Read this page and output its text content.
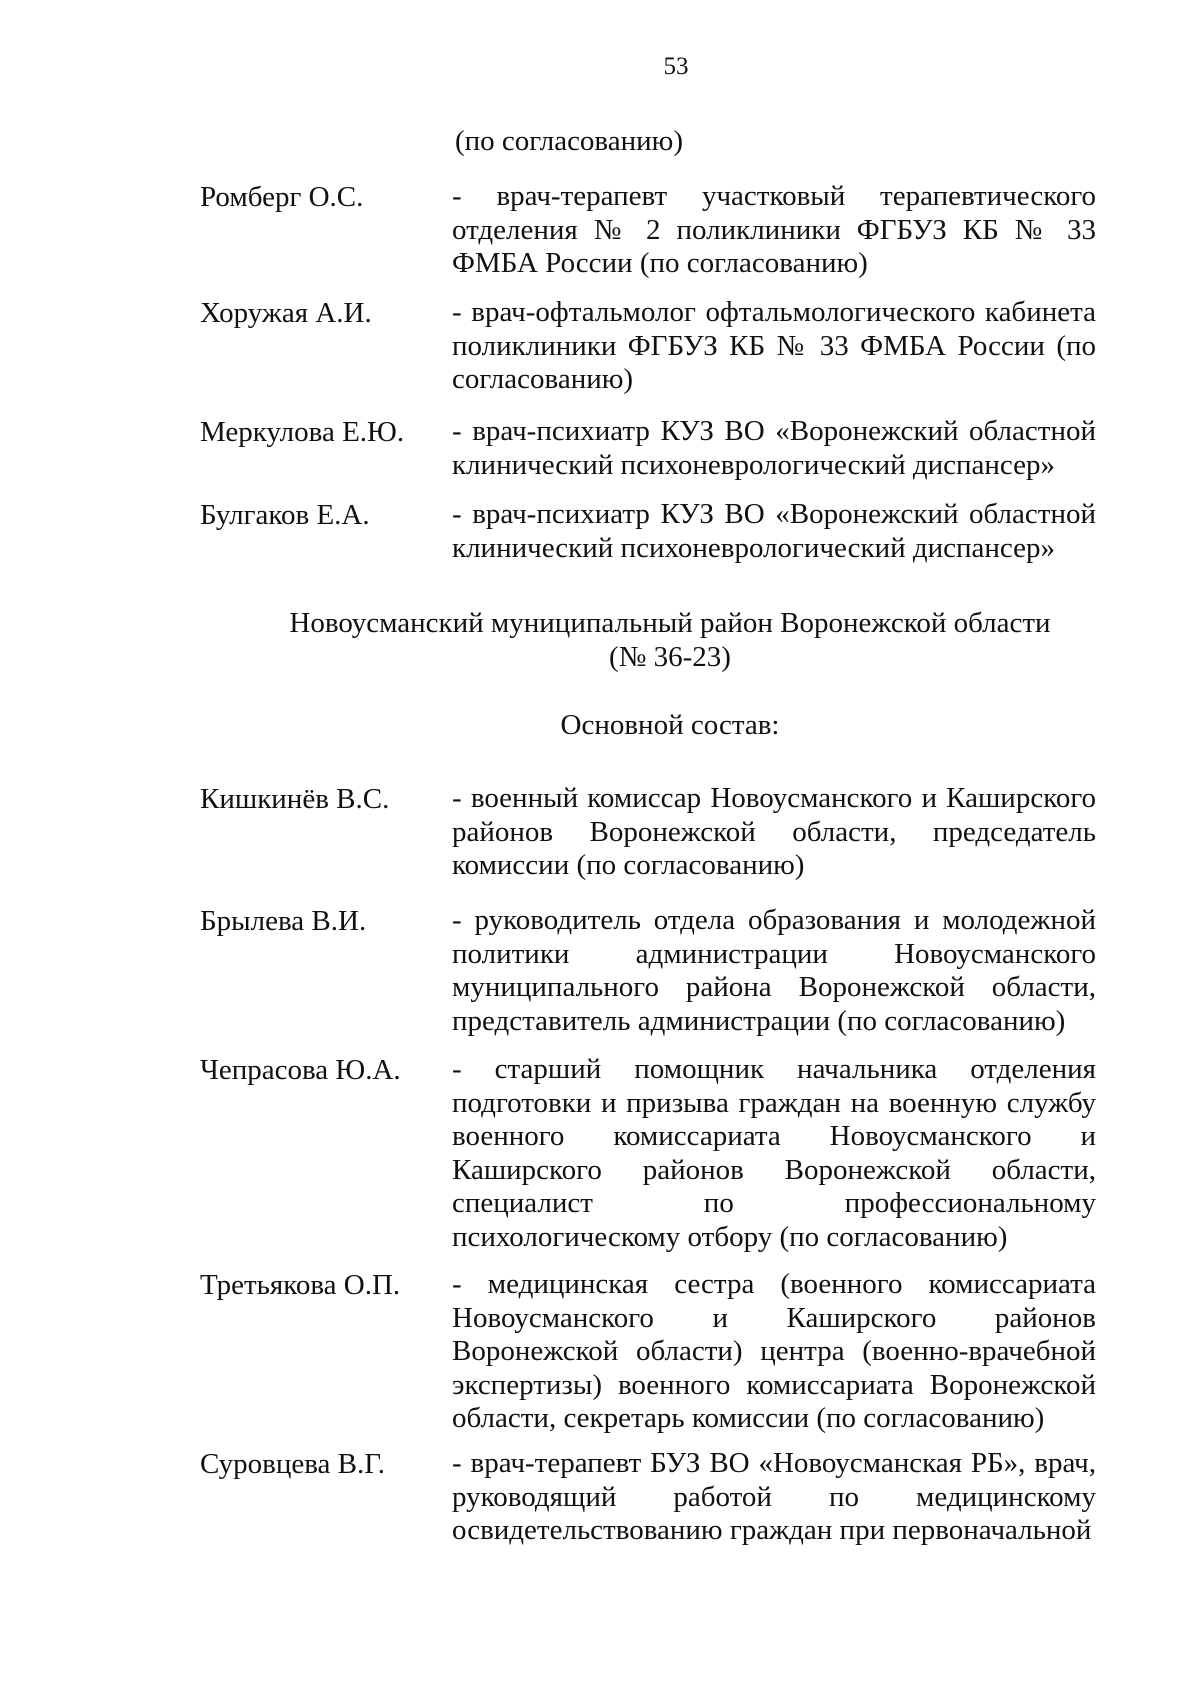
53
(по согласованию)
Ромберг О.С.	- врач-терапевт участковый терапевтического отделения № 2 поликлиники ФГБУЗ КБ № 33 ФМБА России (по согласованию)
Хоружая А.И.	- врач-офтальмолог офтальмологического кабинета поликлиники ФГБУЗ КБ № 33 ФМБА России (по согласованию)
Меркулова Е.Ю. - врач-психиатр КУЗ ВО «Воронежский областной клинический психоневрологический диспансер»
Булгаков Е.А.	- врач-психиатр КУЗ ВО «Воронежский областной клинический психоневрологический диспансер»
Новоусманский муниципальный район Воронежской области
(№ 36-23)
Основной состав:
Кишкинёв В.С. - военный комиссар Новоусманского и Каширского районов Воронежской области, председатель комиссии (по согласованию)
Брылева В.И.	- руководитель отдела образования и молодежной политики администрации Новоусманского муниципального района Воронежской области, представитель администрации (по согласованию)
Чепрасова Ю.А. - старший помощник начальника отделения подготовки и призыва граждан на военную службу военного комиссариата Новоусманского и Каширского районов Воронежской области, специалист по профессиональному психологическому отбору (по согласованию)
Третьякова О.П. - медицинская сестра (военного комиссариата Новоусманского и Каширского районов Воронежской области) центра (военно-врачебной экспертизы) военного комиссариата Воронежской области, секретарь комиссии (по согласованию)
Суровцева В.Г. - врач-терапевт БУЗ ВО «Новоусманская РБ», врач, руководящий работой по медицинскому освидетельствованию граждан при первоначальной
